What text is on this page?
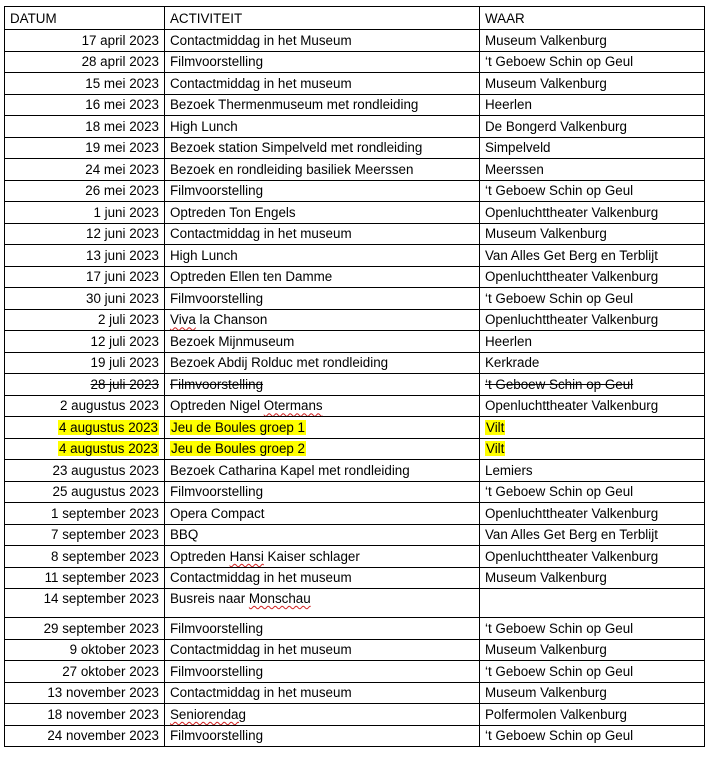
DATUM	ACTIVITEIT	WAAR
17 april 2023	Contactmiddag in het Museum	Museum Valkenburg
28 april 2023	Filmvoorstelling	‘t Geboew Schin op Geul
15 mei 2023	Contactmiddag in het museum	Museum Valkenburg
16 mei 2023	Bezoek Thermenmuseum met rondleiding	Heerlen
18 mei 2023	High Lunch	De Bongerd Valkenburg
19 mei 2023	Bezoek station Simpelveld met rondleiding	Simpelveld
24 mei 2023	Bezoek en rondleiding basiliek Meerssen	Meerssen
26 mei 2023	Filmvoorstelling	‘t Geboew Schin op Geul
1 juni 2023	Optreden Ton Engels	Openluchttheater Valkenburg
12 juni 2023	Contactmiddag in het museum	Museum Valkenburg
13 juni 2023	High Lunch	Van Alles Get Berg en Terblijt
17 juni 2023	Optreden Ellen ten Damme	Openluchttheater Valkenburg
30 juni 2023	Filmvoorstelling	‘t Geboew Schin op Geul
2 juli 2023	Viva la Chanson	Openluchttheater Valkenburg
12 juli 2023	Bezoek Mijnmuseum	Heerlen
19 juli 2023	Bezoek Abdij Rolduc met rondleiding	Kerkrade
28 juli 2023	Filmvoorstelling	‘t Geboew Schin op Geul
2 augustus 2023	Optreden Nigel Otermans	Openluchttheater Valkenburg
4 augustus 2023	Jeu de Boules groep 1	Vilt
4 augustus 2023	Jeu de Boules groep 2	Vilt
23 augustus 2023	Bezoek Catharina Kapel met rondleiding	Lemiers
25 augustus 2023	Filmvoorstelling	‘t Geboew Schin op Geul
1 september 2023	Opera Compact	Openluchttheater Valkenburg
7 september 2023	BBQ	Van Alles Get Berg en Terblijt
8 september 2023	Optreden Hansi Kaiser schlager	Openluchttheater Valkenburg
11 september 2023	Contactmiddag in het museum	Museum Valkenburg
14 september 2023	Busreis naar Monschau	
29 september 2023	Filmvoorstelling	‘t Geboew Schin op Geul
9 oktober 2023	Contactmiddag in het museum	Museum Valkenburg
27 oktober 2023	Filmvoorstelling	‘t Geboew Schin op Geul
13 november 2023	Contactmiddag in het museum	Museum Valkenburg
18 november 2023	Seniorendag	Polfermolen Valkenburg
24 november 2023	Filmvoorstelling	‘t Geboew Schin op Geul
